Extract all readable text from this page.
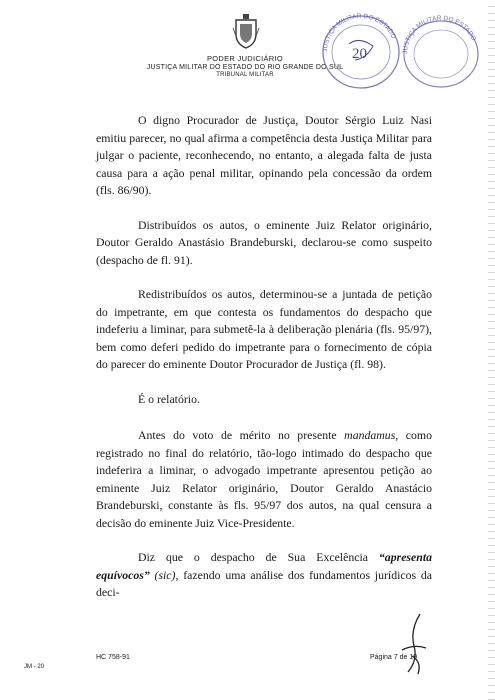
PODER JUDICIÁRIO
JUSTIÇA MILITAR DO ESTADO DO RIO GRANDE DO SUL
TRIBUNAL MILITAR
JUSTIÇA MILITAR DO ESTADO
20	JUSTIÇA MILITAR DO ESTADO

O digno Procurador de Justiça, Doutor Sérgio Luiz Nasi emitiu parecer, no qual afirma a competência desta Justiça Militar para julgar o paciente, reconhecendo, no entanto, a alegada falta de justa causa para a ação penal militar, opinando pela concessão da ordem (fls. 86/90).

Distribuídos os autos, o eminente Juiz Relator originário, Doutor Geraldo Anastásio Brandeburski, declarou-se como suspeito (despacho de fl. 91).

Redistribuídos os autos, determinou-se a juntada de petição do impetrante, em que contesta os fundamentos do despacho que indeferiu a liminar, para submetê-la à deliberação plenária (fls. 95/97), bem como deferi pedido do impetrante para o fornecimento de cópia do parecer do eminente Doutor Procurador de Justiça (fl. 98).

É o relatório.

Antes do voto de mérito no presente mandamus, como registrado no final do relatório, tão-logo intimado do despacho que indeferira a liminar, o advogado impetrante apresentou petição ao eminente Juiz Relator originário, Doutor Geraldo Anastácio Brandeburski, constante às fls. 95/97 dos autos, na qual censura a decisão do eminente Juiz Vice-Presidente.

Diz que o despacho de Sua Excelência “apresenta equívocos” (sic), fazendo uma análise dos fundamentos jurídicos da deci-

HC 758-91	Página 7 de 19
JM - 20
